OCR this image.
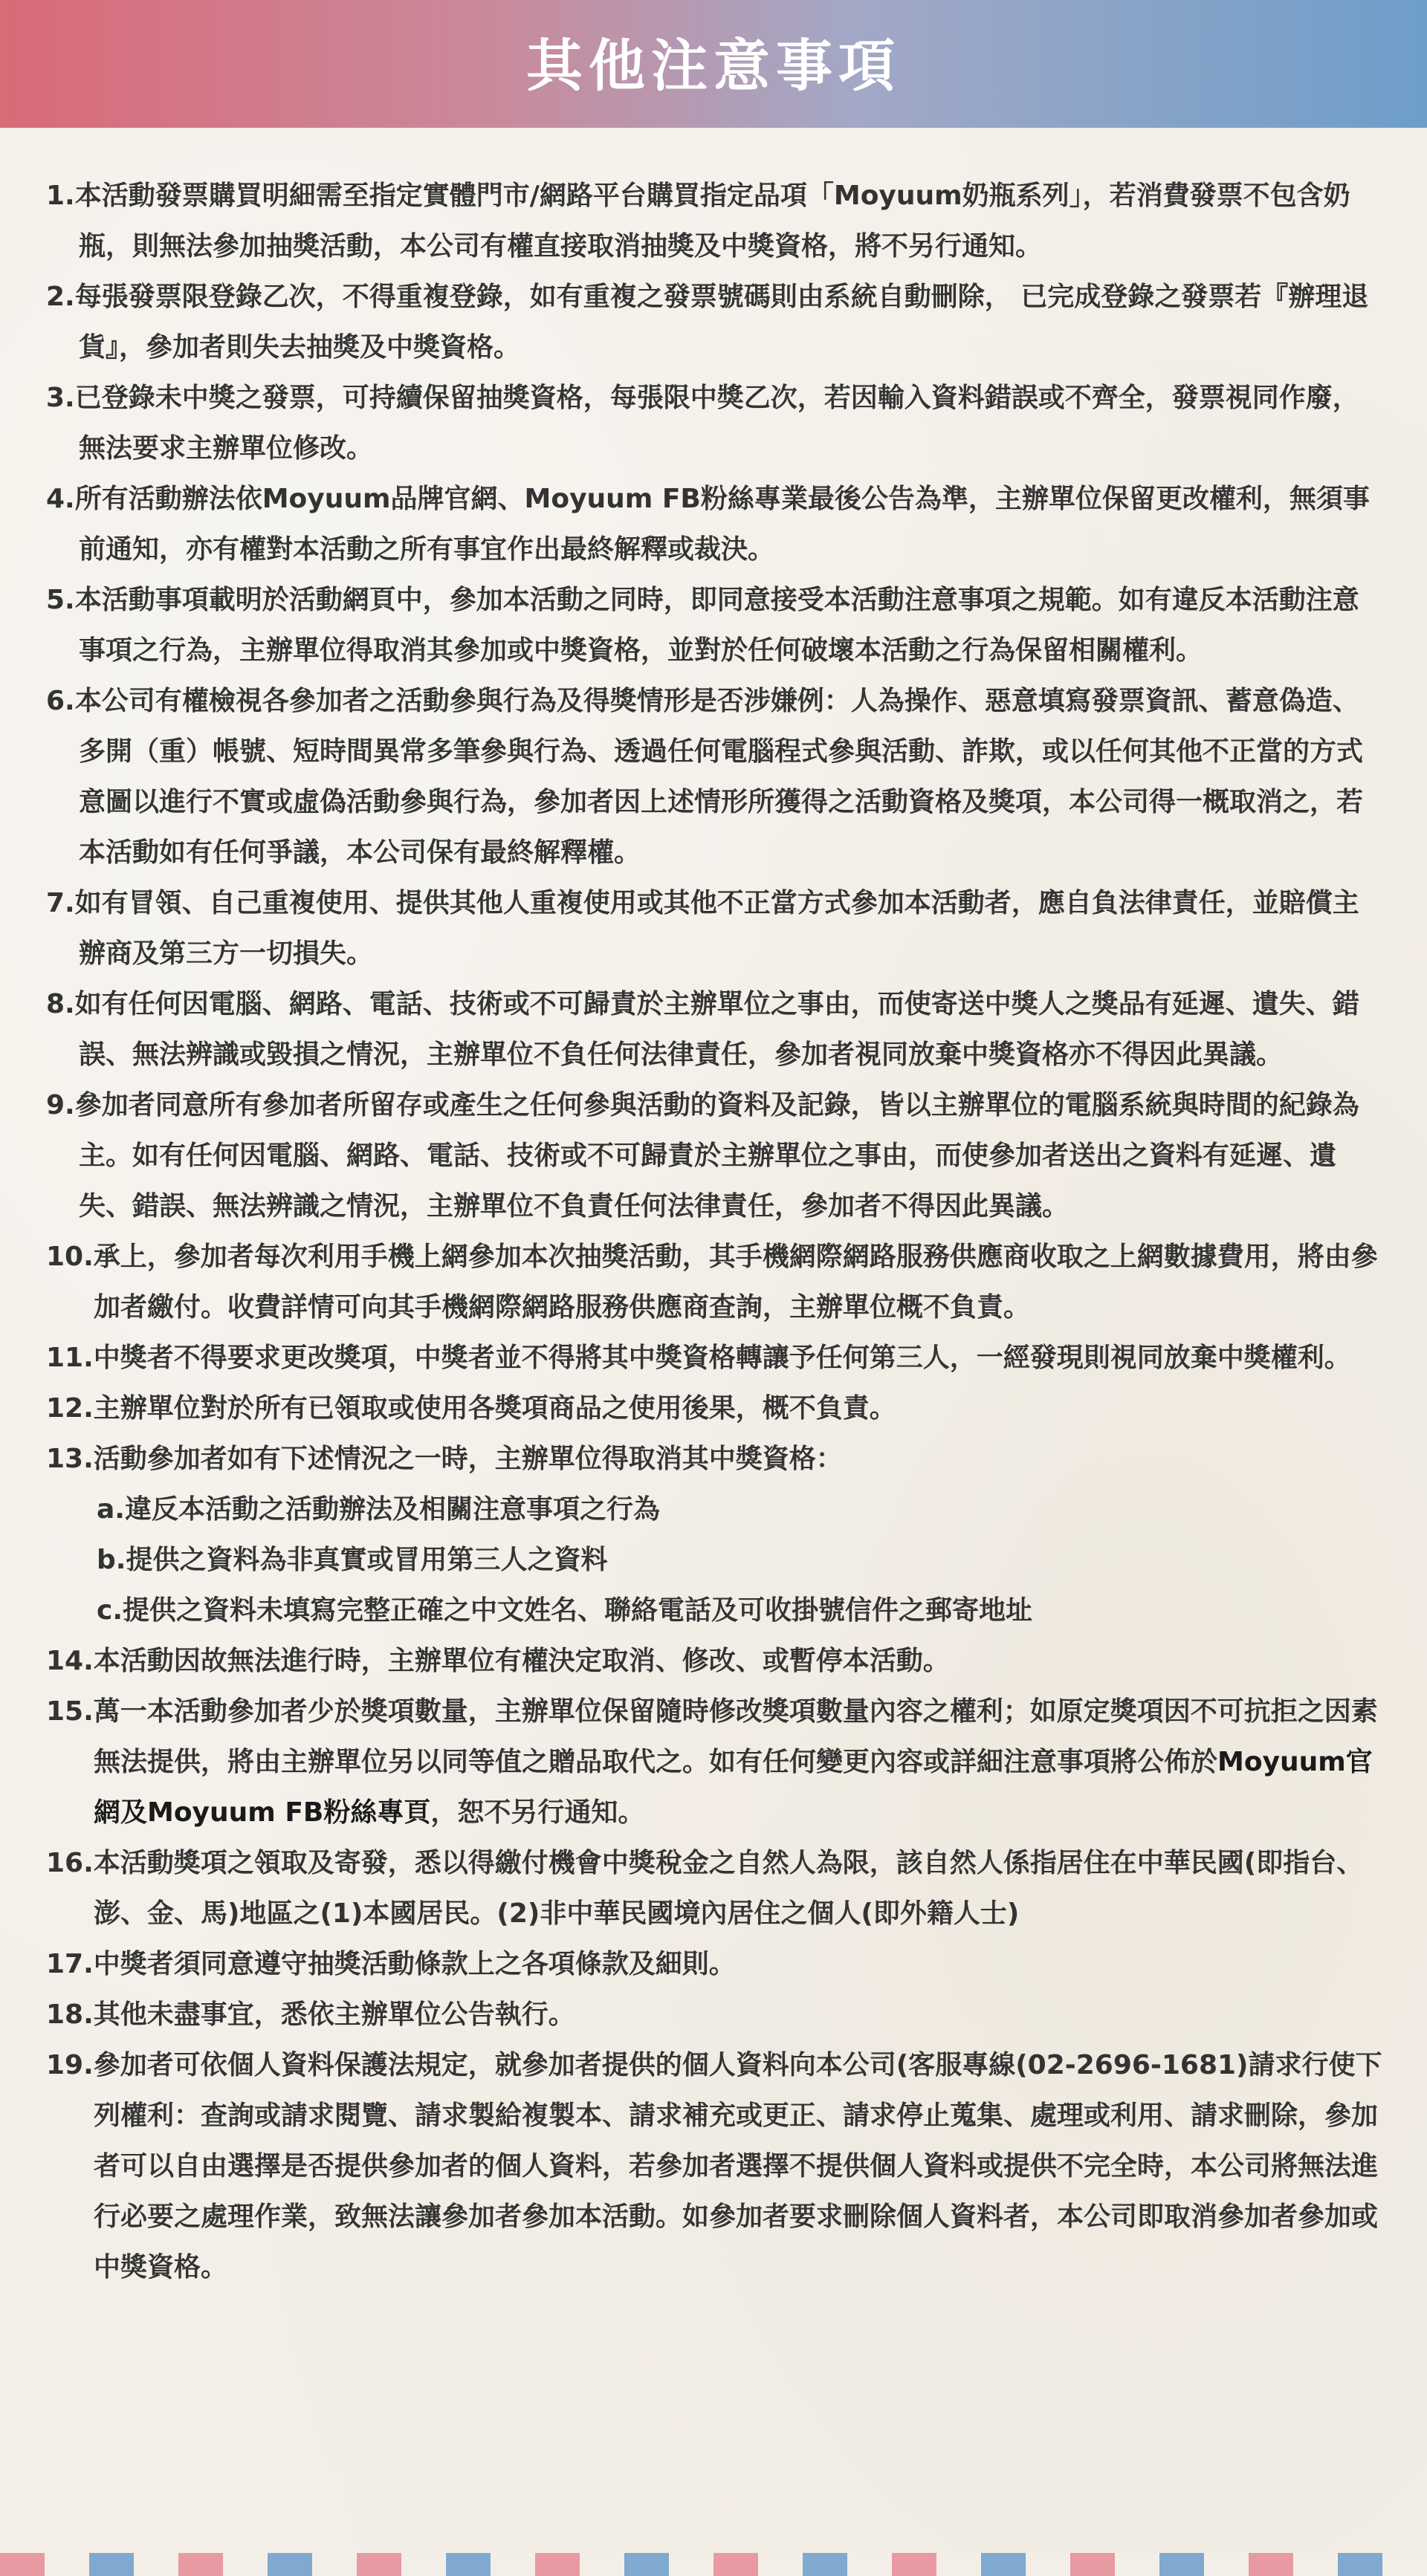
其他注意事項

1.本活動發票購買明細需至指定實體門市/網路平台購買指定品項「Moyuum奶瓶系列」，若消費發票不包含奶瓶，則無法參加抽獎活動，本公司有權直接取消抽獎及中獎資格，將不另行通知。

2.每張發票限登錄乙次，不得重複登錄，如有重複之發票號碼則由系統自動刪除， 已完成登錄之發票若『辦理退貨』，參加者則失去抽獎及中獎資格。

3.已登錄未中獎之發票，可持續保留抽獎資格，每張限中獎乙次，若因輸入資料錯誤或不齊全，發票視同作廢，無法要求主辦單位修改。

4.所有活動辦法依Moyuum品牌官網、Moyuum FB粉絲專業最後公告為準，主辦單位保留更改權利，無須事前通知，亦有權對本活動之所有事宜作出最終解釋或裁決。

5.本活動事項載明於活動網頁中，參加本活動之同時，即同意接受本活動注意事項之規範。如有違反本活動注意事項之行為，主辦單位得取消其參加或中獎資格，並對於任何破壞本活動之行為保留相關權利。

6.本公司有權檢視各參加者之活動參與行為及得獎情形是否涉嫌例：人為操作、惡意填寫發票資訊、蓄意偽造、多開（重）帳號、短時間異常多筆參與行為、透過任何電腦程式參與活動、詐欺，或以任何其他不正當的方式意圖以進行不實或虛偽活動參與行為，參加者因上述情形所獲得之活動資格及獎項，本公司得一概取消之，若本活動如有任何爭議，本公司保有最終解釋權。

7.如有冒領、自己重複使用、提供其他人重複使用或其他不正當方式參加本活動者，應自負法律責任，並賠償主辦商及第三方一切損失。

8.如有任何因電腦、網路、電話、技術或不可歸責於主辦單位之事由，而使寄送中獎人之獎品有延遲、遺失、錯誤、無法辨識或毀損之情況，主辦單位不負任何法律責任，參加者視同放棄中獎資格亦不得因此異議。

9.參加者同意所有參加者所留存或產生之任何參與活動的資料及記錄，皆以主辦單位的電腦系統與時間的紀錄為主。如有任何因電腦、網路、電話、技術或不可歸責於主辦單位之事由，而使參加者送出之資料有延遲、遺失、錯誤、無法辨識之情況，主辦單位不負責任何法律責任，參加者不得因此異議。

10.承上，參加者每次利用手機上網參加本次抽獎活動，其手機網際網路服務供應商收取之上網數據費用，將由參加者繳付。收費詳情可向其手機網際網路服務供應商查詢，主辦單位概不負責。

11.中獎者不得要求更改獎項，中獎者並不得將其中獎資格轉讓予任何第三人，一經發現則視同放棄中獎權利。

12.主辦單位對於所有已領取或使用各獎項商品之使用後果，概不負責。

13.活動參加者如有下述情況之一時，主辦單位得取消其中獎資格：

a.違反本活動之活動辦法及相關注意事項之行為

b.提供之資料為非真實或冒用第三人之資料

c.提供之資料未填寫完整正確之中文姓名、聯絡電話及可收掛號信件之郵寄地址

14.本活動因故無法進行時，主辦單位有權決定取消、修改、或暫停本活動。

15.萬一本活動參加者少於獎項數量，主辦單位保留隨時修改獎項數量內容之權利；如原定獎項因不可抗拒之因素無法提供，將由主辦單位另以同等值之贈品取代之。如有任何變更內容或詳細注意事項將公佈於Moyuum官網及Moyuum FB粉絲專頁，恕不另行通知。

16.本活動獎項之領取及寄發，悉以得繳付機會中獎稅金之自然人為限，該自然人係指居住在中華民國(即指台、澎、金、馬)地區之(1)本國居民。(2)非中華民國境內居住之個人(即外籍人士)

17.中獎者須同意遵守抽獎活動條款上之各項條款及細則。

18.其他未盡事宜，悉依主辦單位公告執行。

19.參加者可依個人資料保護法規定，就參加者提供的個人資料向本公司(客服專線(02-2696-1681)請求行使下列權利：查詢或請求閱覽、請求製給複製本、請求補充或更正、請求停止蒐集、處理或利用、請求刪除，參加者可以自由選擇是否提供參加者的個人資料，若參加者選擇不提供個人資料或提供不完全時，本公司將無法進行必要之處理作業，致無法讓參加者參加本活動。如參加者要求刪除個人資料者，本公司即取消參加者參加或中獎資格。
